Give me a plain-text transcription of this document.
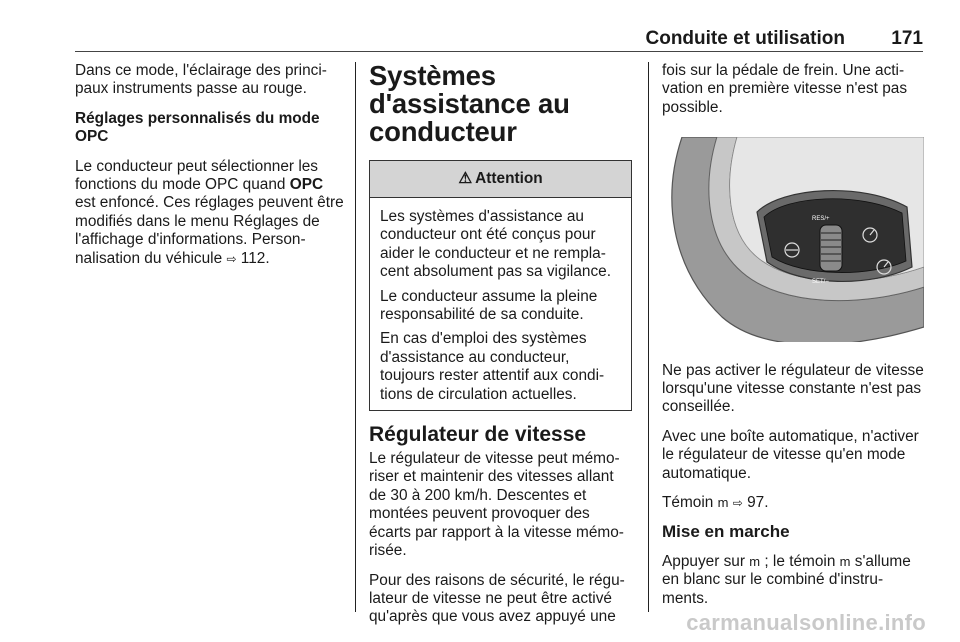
Conduite et utilisation 171

Dans ce mode, l'éclairage des princi-paux instruments passe au rouge.

Réglages personnalisés du mode OPC

Le conducteur peut sélectionner les fonctions du mode OPC quand OPC est enfoncé. Ces réglages peuvent être modifiés dans le menu Réglages de l'affichage d'informations. Person-nalisation du véhicule ⇨ 112.

Systèmes d'assistance au conducteur
⚠ Attention

Les systèmes d'assistance au conducteur ont été conçus pour aider le conducteur et ne rempla-cent absolument pas sa vigilance.

Le conducteur assume la pleine responsabilité de sa conduite.

En cas d'emploi des systèmes d'assistance au conducteur, toujours rester attentif aux condi-tions de circulation actuelles.

Régulateur de vitesse

Le régulateur de vitesse peut mémo-riser et maintenir des vitesses allant de 30 à 200 km/h. Descentes et montées peuvent provoquer des écarts par rapport à la vitesse mémo-risée.

Pour des raisons de sécurité, le régu-lateur de vitesse ne peut être activé qu'après que vous avez appuyé une

fois sur la pédale de frein. Une acti-vation en première vitesse n'est pas possible.

RES/+
SET/−

Ne pas activer le régulateur de vitesse lorsqu'une vitesse constante n'est pas conseillée.

Avec une boîte automatique, n'activer le régulateur de vitesse qu'en mode automatique.

Témoin m ⇨ 97.

Mise en marche

Appuyer sur m ; le témoin m s'allume en blanc sur le combiné d'instru-ments.

carmanualsonline.info
